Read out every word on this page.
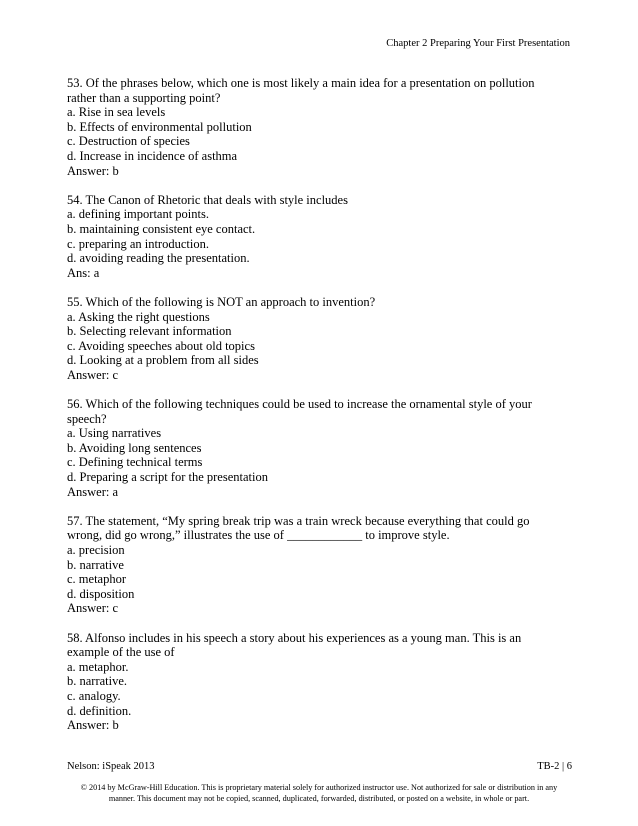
Chapter 2 Preparing Your First Presentation
53. Of the phrases below, which one is most likely a main idea for a presentation on pollution
rather than a supporting point?
a. Rise in sea levels
b. Effects of environmental pollution
c. Destruction of species
d. Increase in incidence of asthma
Answer: b
54. The Canon of Rhetoric that deals with style includes
a. defining important points.
b. maintaining consistent eye contact.
c. preparing an introduction.
d. avoiding reading the presentation.
Ans: a
55. Which of the following is NOT an approach to invention?
a. Asking the right questions
b. Selecting relevant information
c. Avoiding speeches about old topics
d. Looking at a problem from all sides
Answer: c
56. Which of the following techniques could be used to increase the ornamental style of your
speech?
a. Using narratives
b. Avoiding long sentences
c. Defining technical terms
d. Preparing a script for the presentation
Answer: a
57. The statement, “My spring break trip was a train wreck because everything that could go
wrong, did go wrong,” illustrates the use of ____________ to improve style.
a. precision
b. narrative
c. metaphor
d. disposition
Answer: c
58. Alfonso includes in his speech a story about his experiences as a young man. This is an
example of the use of
a. metaphor.
b. narrative.
c. analogy.
d. definition.
Answer: b
Nelson: iSpeak 2013	TB-2 | 6
© 2014 by McGraw-Hill Education. This is proprietary material solely for authorized instructor use. Not authorized for sale or distribution in any
manner. This document may not be copied, scanned, duplicated, forwarded, distributed, or posted on a website, in whole or part.
